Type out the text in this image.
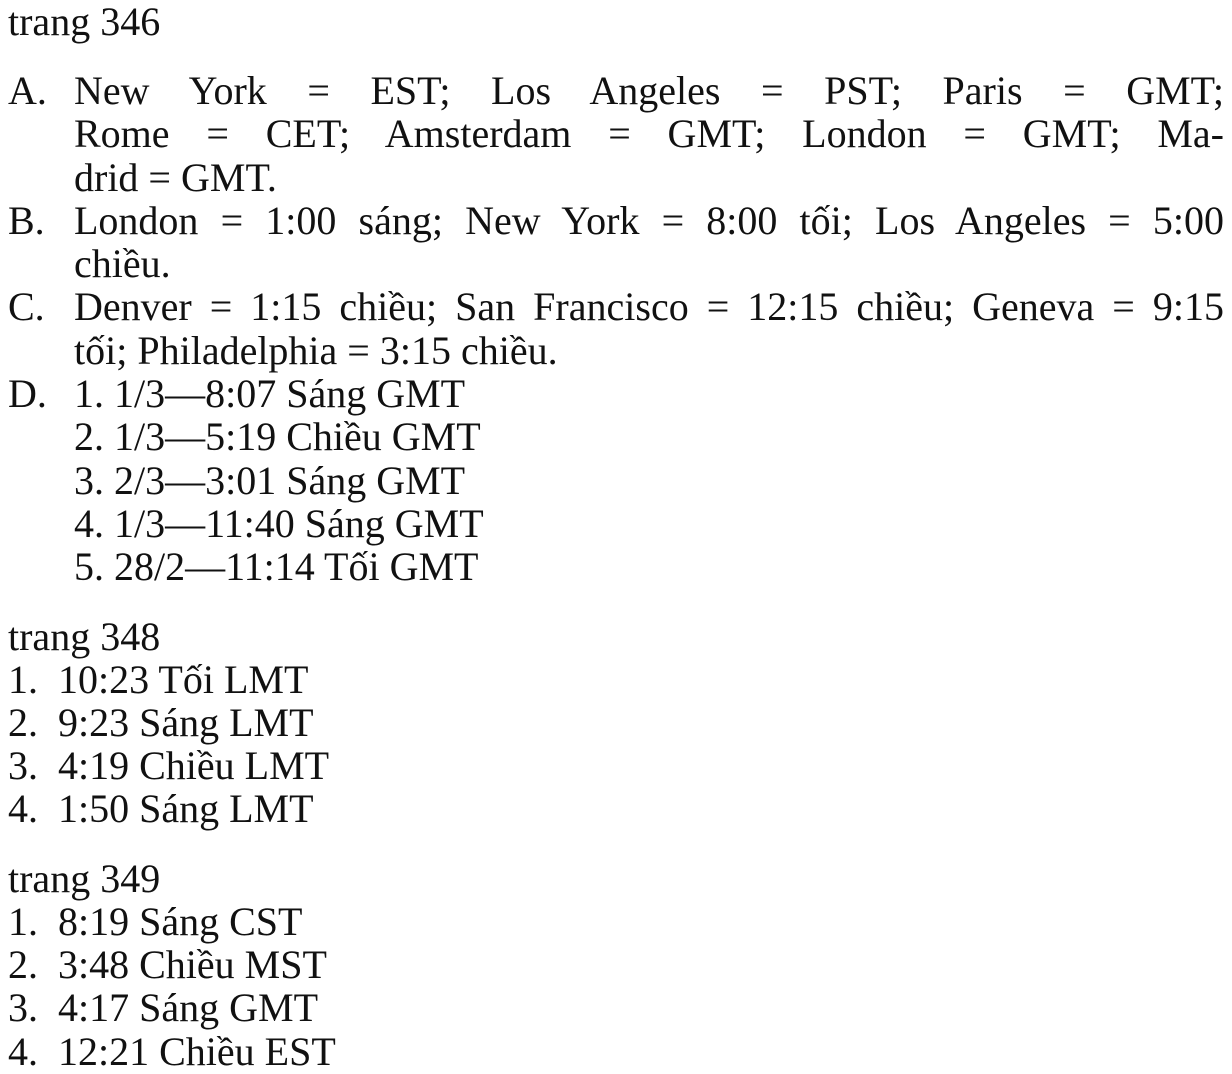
trang 346
A. New York = EST; Los Angeles = PST; Paris = GMT;
Rome = CET; Amsterdam = GMT; London = GMT; Ma-
drid = GMT.
B. London = 1:00 sáng; New York = 8:00 tối; Los Angeles = 5:00
chiều.
C. Denver = 1:15 chiều; San Francisco = 12:15 chiều; Geneva = 9:15
tối; Philadelphia = 3:15 chiều.
D. 1. 1/3—8:07 Sáng GMT
2. 1/3—5:19 Chiều GMT
3. 2/3—3:01 Sáng GMT
4. 1/3—11:40 Sáng GMT
5. 28/2—11:14 Tối GMT
trang 348
1. 10:23 Tối LMT
2. 9:23 Sáng LMT
3. 4:19 Chiều LMT
4. 1:50 Sáng LMT
trang 349
1. 8:19 Sáng CST
2. 3:48 Chiều MST
3. 4:17 Sáng GMT
4. 12:21 Chiều EST
